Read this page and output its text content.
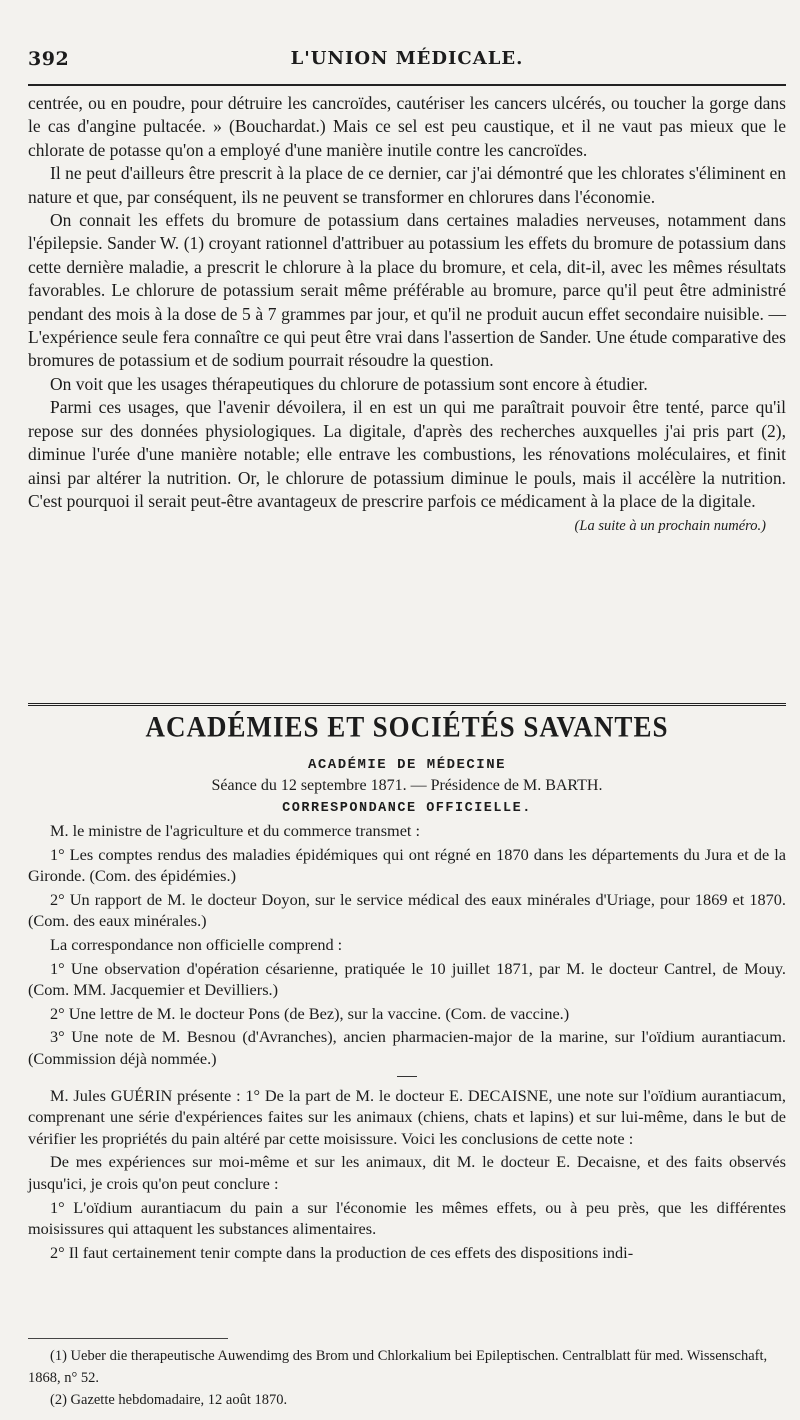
392	L'UNION MÉDICALE.

centrée, ou en poudre, pour détruire les cancroïdes, cautériser les cancers ulcérés, ou toucher la gorge dans le cas d'angine pultacée. » (Bouchardat.) Mais ce sel est peu caustique, et il ne vaut pas mieux que le chlorate de potasse qu'on a employé d'une manière inutile contre les cancroïdes.

Il ne peut d'ailleurs être prescrit à la place de ce dernier, car j'ai démontré que les chlorates s'éliminent en nature et que, par conséquent, ils ne peuvent se transformer en chlorures dans l'économie.

On connait les effets du bromure de potassium dans certaines maladies nerveuses, notamment dans l'épilepsie. Sander W. (1) croyant rationnel d'attribuer au potassium les effets du bromure de potassium dans cette dernière maladie, a prescrit le chlorure à la place du bromure, et cela, dit-il, avec les mêmes résultats favorables. Le chlorure de potassium serait même préférable au bromure, parce qu'il peut être administré pendant des mois à la dose de 5 à 7 grammes par jour, et qu'il ne produit aucun effet secondaire nuisible. — L'expérience seule fera connaître ce qui peut être vrai dans l'assertion de Sander. Une étude comparative des bromures de potassium et de sodium pourrait résoudre la question.

On voit que les usages thérapeutiques du chlorure de potassium sont encore à étudier.

Parmi ces usages, que l'avenir dévoilera, il en est un qui me paraîtrait pouvoir être tenté, parce qu'il repose sur des données physiologiques. La digitale, d'après des recherches auxquelles j'ai pris part (2), diminue l'urée d'une manière notable; elle entrave les combustions, les rénovations moléculaires, et finit ainsi par altérer la nutrition. Or, le chlorure de potassium diminue le pouls, mais il accélère la nutrition. C'est pourquoi il serait peut-être avantageux de prescrire parfois ce médicament à la place de la digitale.

(La suite à un prochain numéro.)
ACADÉMIES ET SOCIÉTÉS SAVANTES
ACADÉMIE DE MÉDECINE
Séance du 12 septembre 1871. — Présidence de M. BARTH.
CORRESPONDANCE OFFICIELLE.

M. le ministre de l'agriculture et du commerce transmet :

1° Les comptes rendus des maladies épidémiques qui ont régné en 1870 dans les départements du Jura et de la Gironde. (Com. des épidémies.)

2° Un rapport de M. le docteur Doyon, sur le service médical des eaux minérales d'Uriage, pour 1869 et 1870. (Com. des eaux minérales.)

La correspondance non officielle comprend :

1° Une observation d'opération césarienne, pratiquée le 10 juillet 1871, par M. le docteur Cantrel, de Mouy. (Com. MM. Jacquemier et Devilliers.)

2° Une lettre de M. le docteur Pons (de Bez), sur la vaccine. (Com. de vaccine.)

3° Une note de M. Besnou (d'Avranches), ancien pharmacien-major de la marine, sur l'oïdium aurantiacum. (Commission déjà nommée.)

M. Jules GUÉRIN présente : 1° De la part de M. le docteur E. DECAISNE, une note sur l'oïdium aurantiacum, comprenant une série d'expériences faites sur les animaux (chiens, chats et lapins) et sur lui-même, dans le but de vérifier les propriétés du pain altéré par cette moisissure. Voici les conclusions de cette note :

De mes expériences sur moi-même et sur les animaux, dit M. le docteur E. Decaisne, et des faits observés jusqu'ici, je crois qu'on peut conclure :

1° L'oïdium aurantiacum du pain a sur l'économie les mêmes effets, ou à peu près, que les différentes moisissures qui attaquent les substances alimentaires.

2° Il faut certainement tenir compte dans la production de ces effets des dispositions indi-

(1) Ueber die therapeutische Auwendimg des Brom und Chlorkalium bei Epileptischen. Centralblatt für med. Wissenschaft, 1868, n° 52.

(2) Gazette hebdomadaire, 12 août 1870.
